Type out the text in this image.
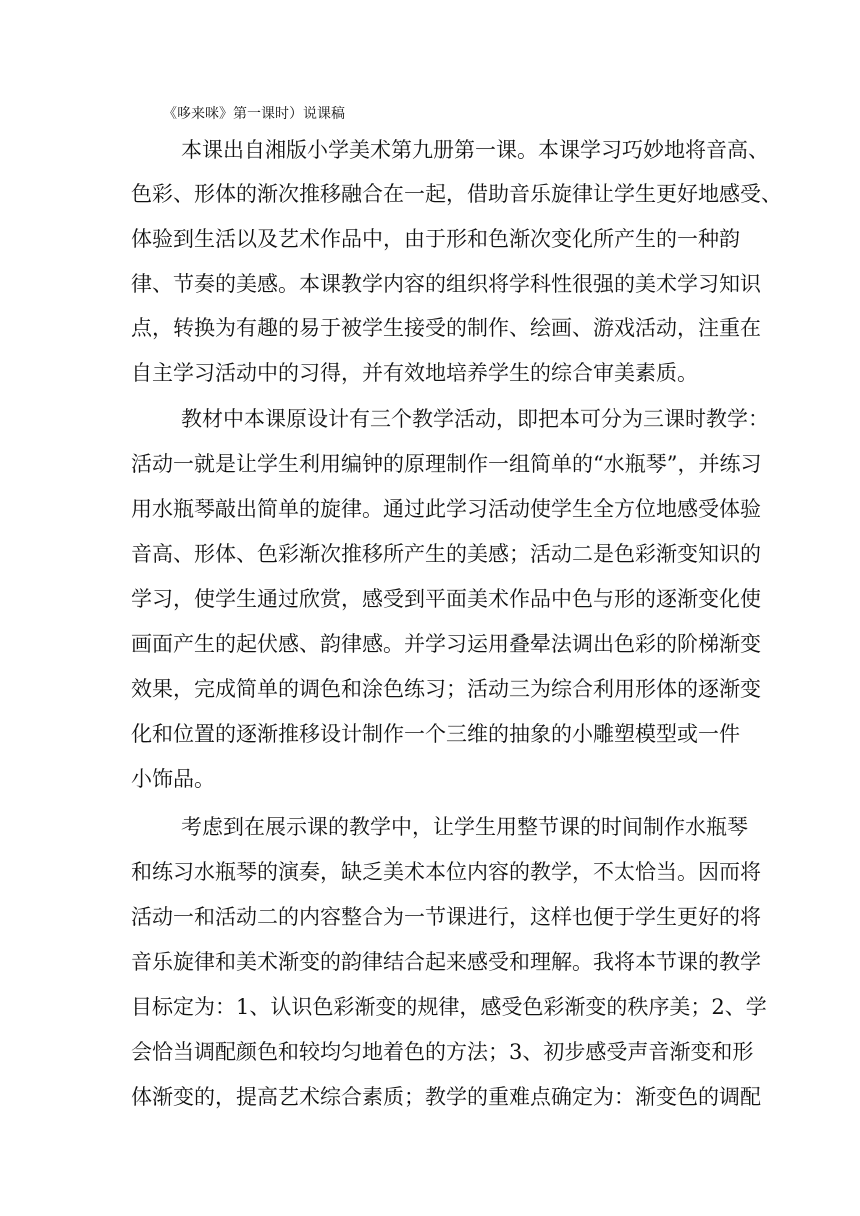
《哆来咪》第一课时）说课稿
本课出自湘版小学美术第九册第一课。本课学习巧妙地将音高、
色彩、形体的渐次推移融合在一起，借助音乐旋律让学生更好地感受、
体验到生活以及艺术作品中，由于形和色渐次变化所产生的一种韵
律、节奏的美感。本课教学内容的组织将学科性很强的美术学习知识
点，转换为有趣的易于被学生接受的制作、绘画、游戏活动，注重在
自主学习活动中的习得，并有效地培养学生的综合审美素质。
教材中本课原设计有三个教学活动，即把本可分为三课时教学：
活动一就是让学生利用编钟的原理制作一组简单的“水瓶琴”，并练习
用水瓶琴敲出简单的旋律。通过此学习活动使学生全方位地感受体验
音高、形体、色彩渐次推移所产生的美感；活动二是色彩渐变知识的
学习，使学生通过欣赏，感受到平面美术作品中色与形的逐渐变化使
画面产生的起伏感、韵律感。并学习运用叠晕法调出色彩的阶梯渐变
效果，完成简单的调色和涂色练习；活动三为综合利用形体的逐渐变
化和位置的逐渐推移设计制作一个三维的抽象的小雕塑模型或一件
小饰品。
考虑到在展示课的教学中，让学生用整节课的时间制作水瓶琴
和练习水瓶琴的演奏，缺乏美术本位内容的教学，不太恰当。因而将
活动一和活动二的内容整合为一节课进行，这样也便于学生更好的将
音乐旋律和美术渐变的韵律结合起来感受和理解。我将本节课的教学
目标定为：1、认识色彩渐变的规律，感受色彩渐变的秩序美；2、学
会恰当调配颜色和较均匀地着色的方法；3、初步感受声音渐变和形
体渐变的，提高艺术综合素质；教学的重难点确定为：渐变色的调配
